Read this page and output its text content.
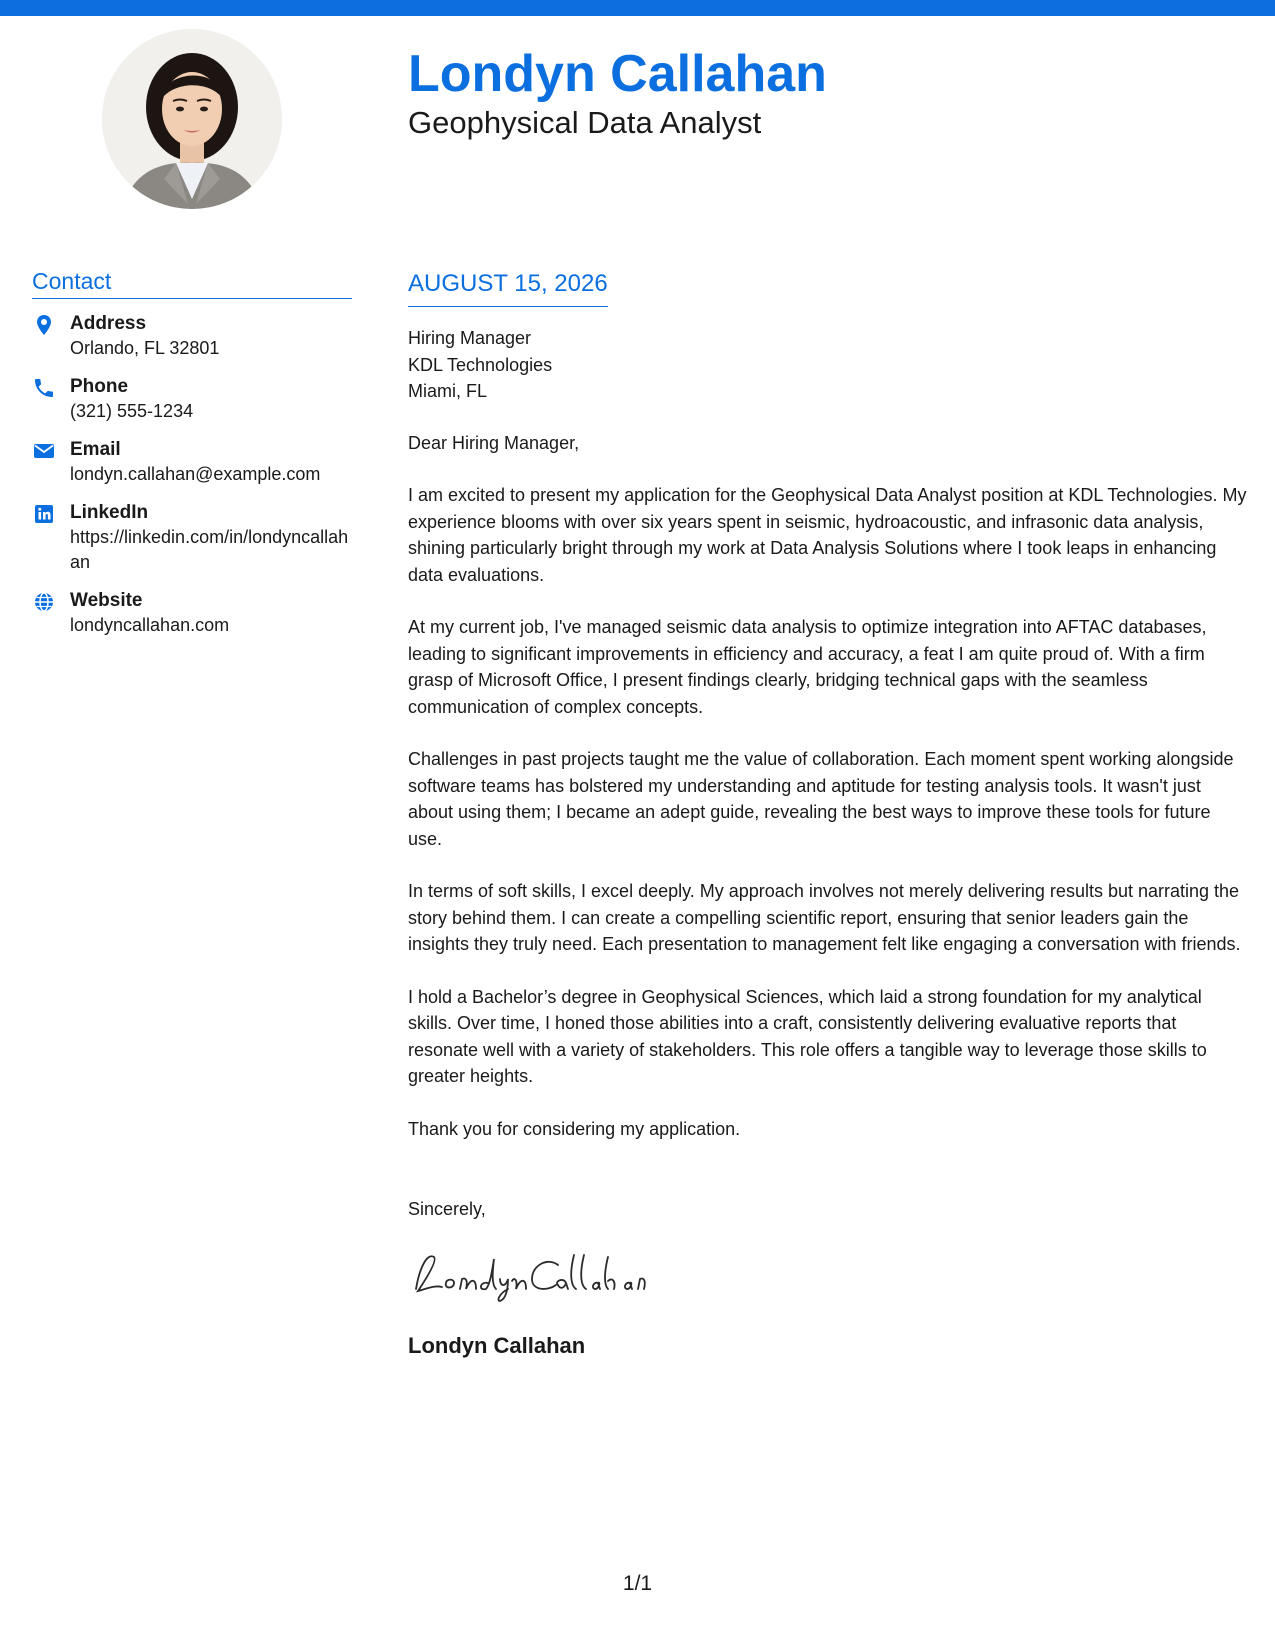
Londyn Callahan
Geophysical Data Analyst
Contact
Address
Orlando, FL 32801
Phone
(321) 555-1234
Email
londyn.callahan@example.com
LinkedIn
https://linkedin.com/in/londyncallahan
Website
londyncallahan.com
AUGUST 15, 2026
Hiring Manager
KDL Technologies
Miami, FL
Dear Hiring Manager,
I am excited to present my application for the Geophysical Data Analyst position at KDL Technologies. My experience blooms with over six years spent in seismic, hydroacoustic, and infrasonic data analysis, shining particularly bright through my work at Data Analysis Solutions where I took leaps in enhancing data evaluations.
At my current job, I've managed seismic data analysis to optimize integration into AFTAC databases, leading to significant improvements in efficiency and accuracy, a feat I am quite proud of. With a firm grasp of Microsoft Office, I present findings clearly, bridging technical gaps with the seamless communication of complex concepts.
Challenges in past projects taught me the value of collaboration. Each moment spent working alongside software teams has bolstered my understanding and aptitude for testing analysis tools. It wasn't just about using them; I became an adept guide, revealing the best ways to improve these tools for future use.
In terms of soft skills, I excel deeply. My approach involves not merely delivering results but narrating the story behind them. I can create a compelling scientific report, ensuring that senior leaders gain the insights they truly need. Each presentation to management felt like engaging a conversation with friends.
I hold a Bachelor’s degree in Geophysical Sciences, which laid a strong foundation for my analytical skills. Over time, I honed those abilities into a craft, consistently delivering evaluative reports that resonate well with a variety of stakeholders. This role offers a tangible way to leverage those skills to greater heights.
Thank you for considering my application.
Sincerely,
Londyn Callahan
1/1
